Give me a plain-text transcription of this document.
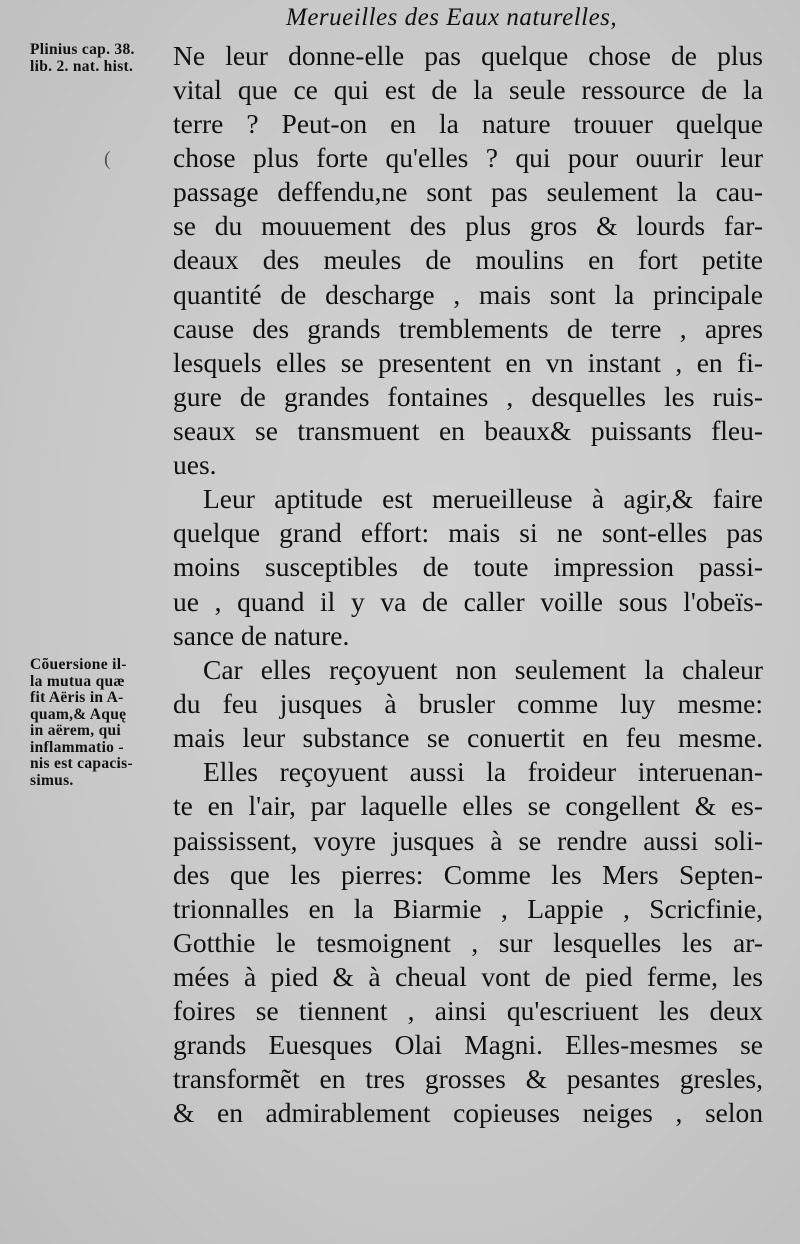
Merueilles des Eaux naturelles,
Plinius cap. 38.
lib. 2. nat. hist.
Cõuersione il-
la mutua quæ
fit Aëris in A-
quam,& Aquę
in aërem, qui
inflammatio -
nis est capacis-
simus.
Ne leur donne-elle pas quelque chose de plus
vital que ce qui est de la seule ressource de la
terre ? Peut-on en la nature trouuer quelque
chose plus forte qu'elles ? qui pour ouurir leur
passage deffendu,ne sont pas seulement la cau-
se du mouuement des plus gros & lourds far-
deaux des meules de moulins en fort petite
quantité de descharge , mais sont la principale
cause des grands tremblements de terre , apres
lesquels elles se presentent en vn instant , en fi-
gure de grandes fontaines , desquelles les ruis-
seaux se transmuent en beaux& puissants fleu-
ues.
Leur aptitude est merueilleuse à agir,& faire
quelque grand effort: mais si ne sont-elles pas
moins susceptibles de toute impression passi-
ue , quand il y va de caller voille sous l'obeïs-
sance de nature.
Car elles reçoyuent non seulement la chaleur
du feu jusques à brusler comme luy mesme:
mais leur substance se conuertit en feu mesme.
Elles reçoyuent aussi la froideur interuenan-
te en l'air, par laquelle elles se congellent & es-
paississent, voyre jusques à se rendre aussi soli-
des que les pierres: Comme les Mers Septen-
trionnalles en la Biarmie , Lappie , Scricfinie,
Gotthie le tesmoignent , sur lesquelles les ar-
mées à pied & à cheual vont de pied ferme, les
foires se tiennent , ainsi qu'escriuent les deux
grands Euesques Olai Magni. Elles-mesmes se
transformẽt en tres grosses & pesantes gresles,
& en admirablement copieuses neiges , selon
(
